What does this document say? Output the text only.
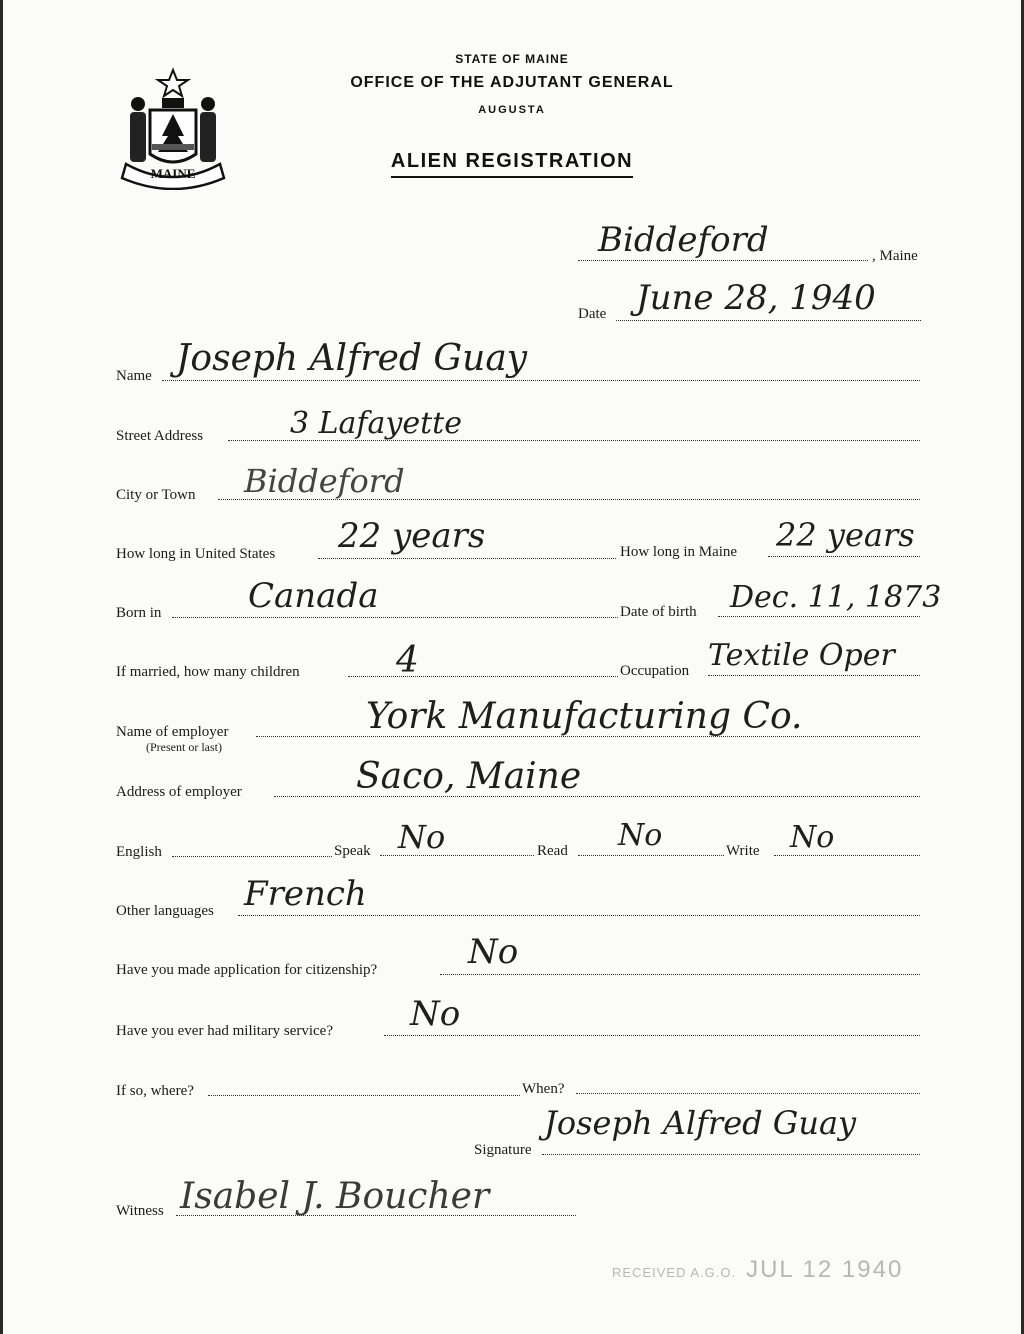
MAINE
STATE OF MAINE
OFFICE OF THE ADJUTANT GENERAL
AUGUSTA
ALIEN REGISTRATION
Biddeford	, Maine
Date June 28, 1940
Name Joseph Alfred Guay
Street Address	3 Lafayette
City or Town Biddeford
How long in United States 22 years	How long in Maine 22 years
Born in	Canada	Date of birth Dec. 11, 1873
If married, how many children	4	Occupation Textile Oper
Name of employer
(Present or last)
York Manufacturing Co.
Address of employer	Saco, Maine
English	Speak No	Read No	Write No
Other languages French
Have you made application for citizenship?	No
Have you ever had military service? No
If so, where?	When?
Signature
Joseph Alfred Guay
Witness Isabel J. Boucher
RECEIVED A.G.O. JUL 12 1940
